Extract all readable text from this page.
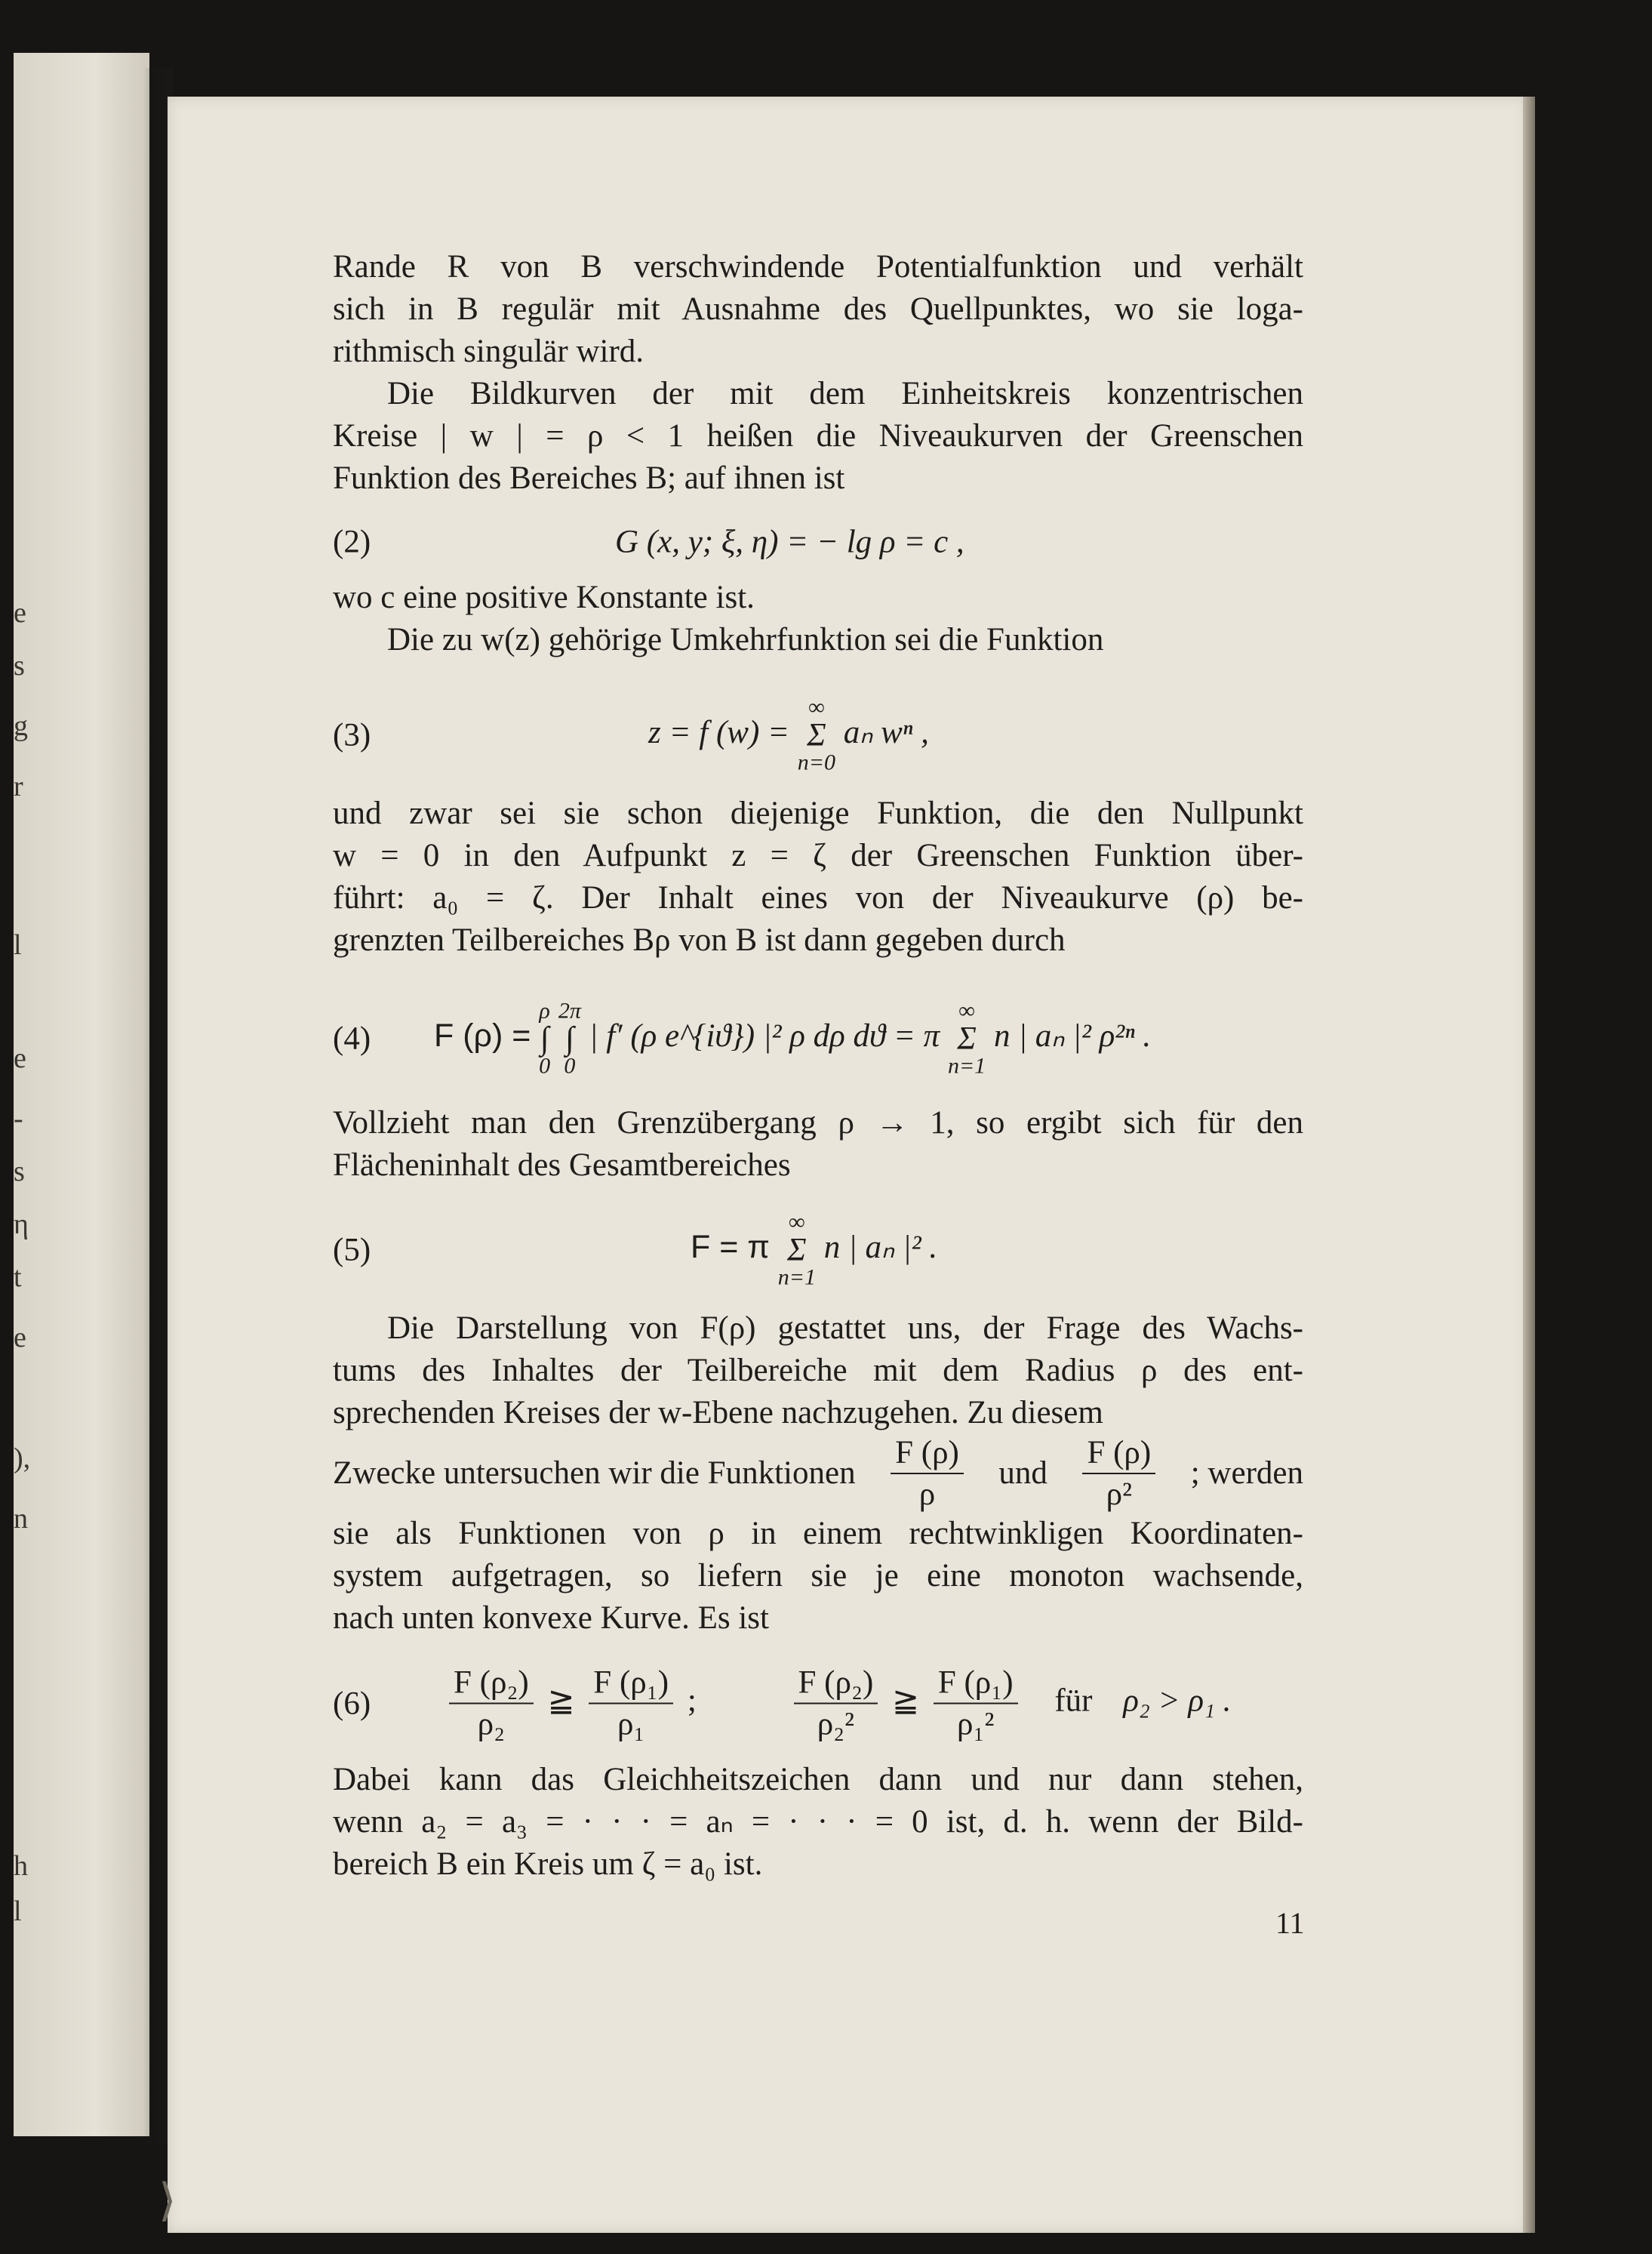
e
s
g
r
l
e
-
s
η
t
e
),
n
h
l
Rande R von B verschwindende Potentialfunktion und verhält
sich in B regulär mit Ausnahme des Quellpunktes, wo sie loga-
rithmisch singulär wird.
Die Bildkurven der mit dem Einheitskreis konzentrischen
Kreise | w | = ρ < 1 heißen die Niveaukurven der Greenschen
Funktion des Bereiches B; auf ihnen ist
(2)	G (x, y; ξ, η) = − lg ρ = c ,
wo c eine positive Konstante ist.
Die zu w(z) gehörige Umkehrfunktion sei die Funktion
(3)	z = f (w) =
∞
Σ
n=0
aₙ wⁿ ,
und zwar sei sie schon diejenige Funktion, die den Nullpunkt
w = 0 in den Aufpunkt z = ζ der Greenschen Funktion über-
führt: a₀ = ζ. Der Inhalt eines von der Niveaukurve (ρ) be-
grenzten Teilbereiches Bρ von B ist dann gegeben durch
(4) F (ρ) =
ρ
∫
0

2π
∫
0
| f′ (ρ e^{iϑ}) |² ρ dρ dϑ = π
∞
Σ
n=1
n | aₙ |² ρ²ⁿ .
Vollzieht man den Grenzübergang ρ → 1, so ergibt sich für den
Flächeninhalt des Gesamtbereiches
(5)	F = π
∞
Σ
n=1
n | aₙ |² .
Die Darstellung von F(ρ) gestattet uns, der Frage des Wachs-
tums des Inhaltes der Teilbereiche mit dem Radius ρ des ent-
sprechenden Kreises der w-Ebene nachzugehen. Zu diesem
Zwecke untersuchen wir die Funktionen $\frac{F (\rho)}{\rho}$ und $\frac{F (\rho)}{\text{ρ²}}$ ; werden
sie als Funktionen von ρ in einem rechtwinkligen Koordinaten-
system aufgetragen, so liefern sie je eine monoton wachsende,
nach unten konvexe Kurve. Es ist
$(6) \frac{\text{F (ρ₂)}}{\text{ρ₂}}$ ≧ $\frac{\text{F (ρ₁)}}{\text{ρ₁}}$ ;	$\frac{\text{F (ρ₂)}}{\text{ρ₂²}}$ ≧ $\frac{\text{F (ρ₁)}}{\text{ρ₁²}}$ für ρ₂ > ρ₁ .
Dabei kann das Gleichheitszeichen dann und nur dann stehen,
wenn a₂ = a₃ = · · · = aₙ = · · · = 0 ist, d. h. wenn der Bild-
bereich B ein Kreis um ζ = a₀ ist.
11
⟩
